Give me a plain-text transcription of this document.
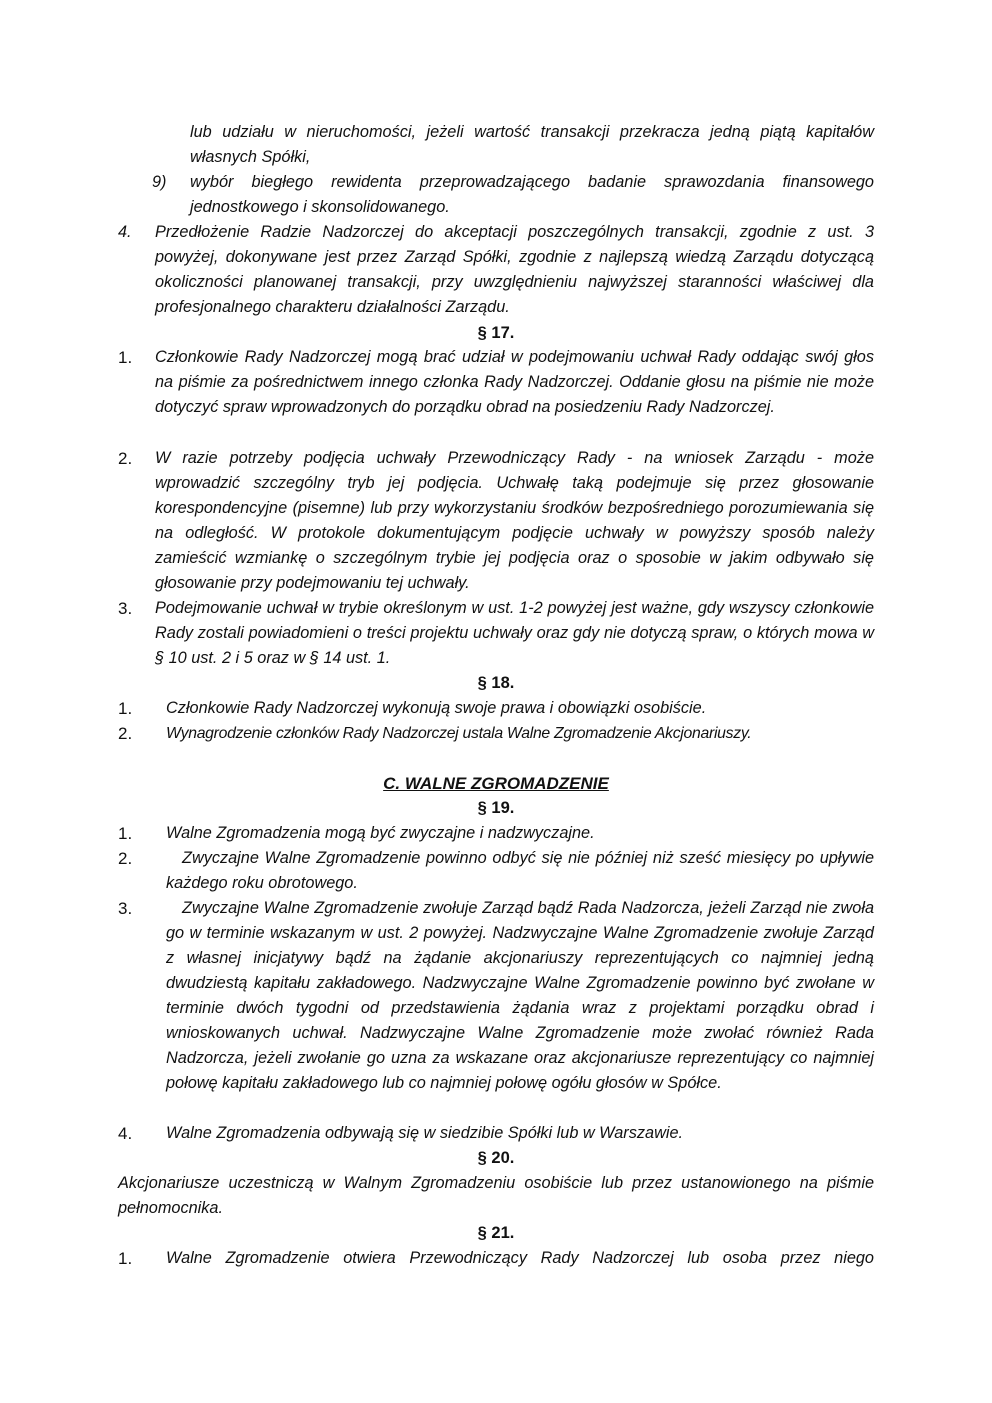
lub udziału w nieruchomości, jeżeli wartość transakcji przekracza jedną piątą kapitałów własnych Spółki,
9) wybór biegłego rewidenta przeprowadzającego badanie sprawozdania finansowego jednostkowego i skonsolidowanego.
4. Przedłożenie Radzie Nadzorczej do akceptacji poszczególnych transakcji, zgodnie z ust. 3 powyżej, dokonywane jest przez Zarząd Spółki, zgodnie z najlepszą wiedzą Zarządu dotyczącą okoliczności planowanej transakcji, przy uwzględnieniu najwyższej staranności właściwej dla profesjonalnego charakteru działalności Zarządu.
§ 17.
1. Członkowie Rady Nadzorczej mogą brać udział w podejmowaniu uchwał Rady oddając swój głos na piśmie za pośrednictwem innego członka Rady Nadzorczej. Oddanie głosu na piśmie nie może dotyczyć spraw wprowadzonych do porządku obrad na posiedzeniu Rady Nadzorczej.
2. W razie potrzeby podjęcia uchwały Przewodniczący Rady - na wniosek Zarządu - może wprowadzić szczególny tryb jej podjęcia. Uchwałę taką podejmuje się przez głosowanie korespondencyjne (pisemne) lub przy wykorzystaniu środków bezpośredniego porozumiewania się na odległość. W protokole dokumentującym podjęcie uchwały w powyższy sposób należy zamieścić wzmiankę o szczególnym trybie jej podjęcia oraz o sposobie w jakim odbywało się głosowanie przy podejmowaniu tej uchwały.
3. Podejmowanie uchwał w trybie określonym w ust. 1-2 powyżej jest ważne, gdy wszyscy członkowie Rady zostali powiadomieni o treści projektu uchwały oraz gdy nie dotyczą spraw, o których mowa w § 10 ust. 2 i 5 oraz w § 14 ust. 1.
§ 18.
1. Członkowie Rady Nadzorczej wykonują swoje prawa i obowiązki osobiście.
2. Wynagrodzenie członków Rady Nadzorczej ustala Walne Zgromadzenie Akcjonariuszy.
C. WALNE ZGROMADZENIE
§ 19.
1. Walne Zgromadzenia mogą być zwyczajne i nadzwyczajne.
2.	Zwyczajne Walne Zgromadzenie powinno odbyć się nie później niż sześć miesięcy po upływie każdego roku obrotowego.
3.	Zwyczajne Walne Zgromadzenie zwołuje Zarząd bądź Rada Nadzorcza, jeżeli Zarząd nie zwoła go w terminie wskazanym w ust. 2 powyżej. Nadzwyczajne Walne Zgromadzenie zwołuje Zarząd z własnej inicjatywy bądź na żądanie akcjonariuszy reprezentujących co najmniej jedną dwudziestą kapitału zakładowego. Nadzwyczajne Walne Zgromadzenie powinno być zwołane w terminie dwóch tygodni od przedstawienia żądania wraz z projektami porządku obrad i wnioskowanych uchwał. Nadzwyczajne Walne Zgromadzenie może zwołać również Rada Nadzorcza, jeżeli zwołanie go uzna za wskazane oraz akcjonariusze reprezentujący co najmniej połowę kapitału zakładowego lub co najmniej połowę ogółu głosów w Spółce.
4. Walne Zgromadzenia odbywają się w siedzibie Spółki lub w Warszawie.
§ 20.
Akcjonariusze uczestniczą w Walnym Zgromadzeniu osobiście lub przez ustanowionego na piśmie pełnomocnika.
§ 21.
1. Walne Zgromadzenie otwiera Przewodniczący Rady Nadzorczej lub osoba przez niego
